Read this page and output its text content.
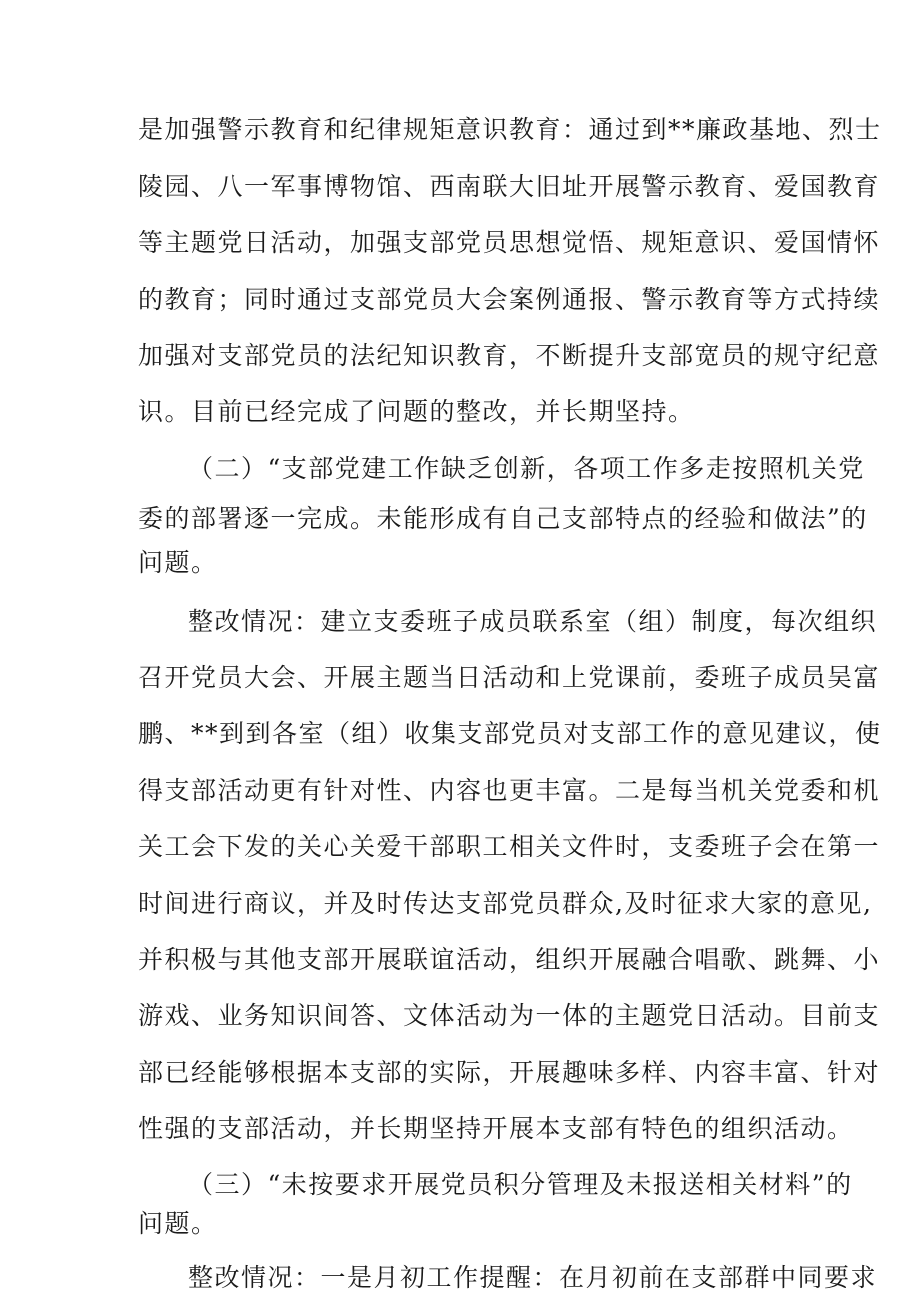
是加强警示教育和纪律规矩意识教育：通过到**廉政基地、烈士
陵园、八一军事博物馆、西南联大旧址开展警示教育、爱国教育
等主题党日活动，加强支部党员思想觉悟、规矩意识、爱国情怀
的教育；同时通过支部党员大会案例通报、警示教育等方式持续
加强对支部党员的法纪知识教育，不断提升支部宽员的规守纪意
识。目前已经完成了问题的整改，并长期坚持。
（二）“支部党建工作缺乏创新，各项工作多走按照机关党
委的部署逐一完成。未能形成有自己支部特点的经验和做法”的
问题。
整改情况：建立支委班子成员联系室（组）制度，每次组织
召开党员大会、开展主题当日活动和上党课前，委班子成员吴富
鹏、**到到各室（组）收集支部党员对支部工作的意见建议，使
得支部活动更有针对性、内容也更丰富。二是每当机关党委和机
关工会下发的关心关爱干部职工相关文件时，支委班子会在第一
时间进行商议，并及时传达支部党员群众,及时征求大家的意见,
并积极与其他支部开展联谊活动，组织开展融合唱歌、跳舞、小
游戏、业务知识间答、文体活动为一体的主题党日活动。目前支
部已经能够根据本支部的实际，开展趣味多样、内容丰富、针对
性强的支部活动，并长期坚持开展本支部有特色的组织活动。
（三）“未按要求开展党员积分管理及未报送相关材料”的
问题。
整改情况：一是月初工作提醒：在月初前在支部群中同要求
